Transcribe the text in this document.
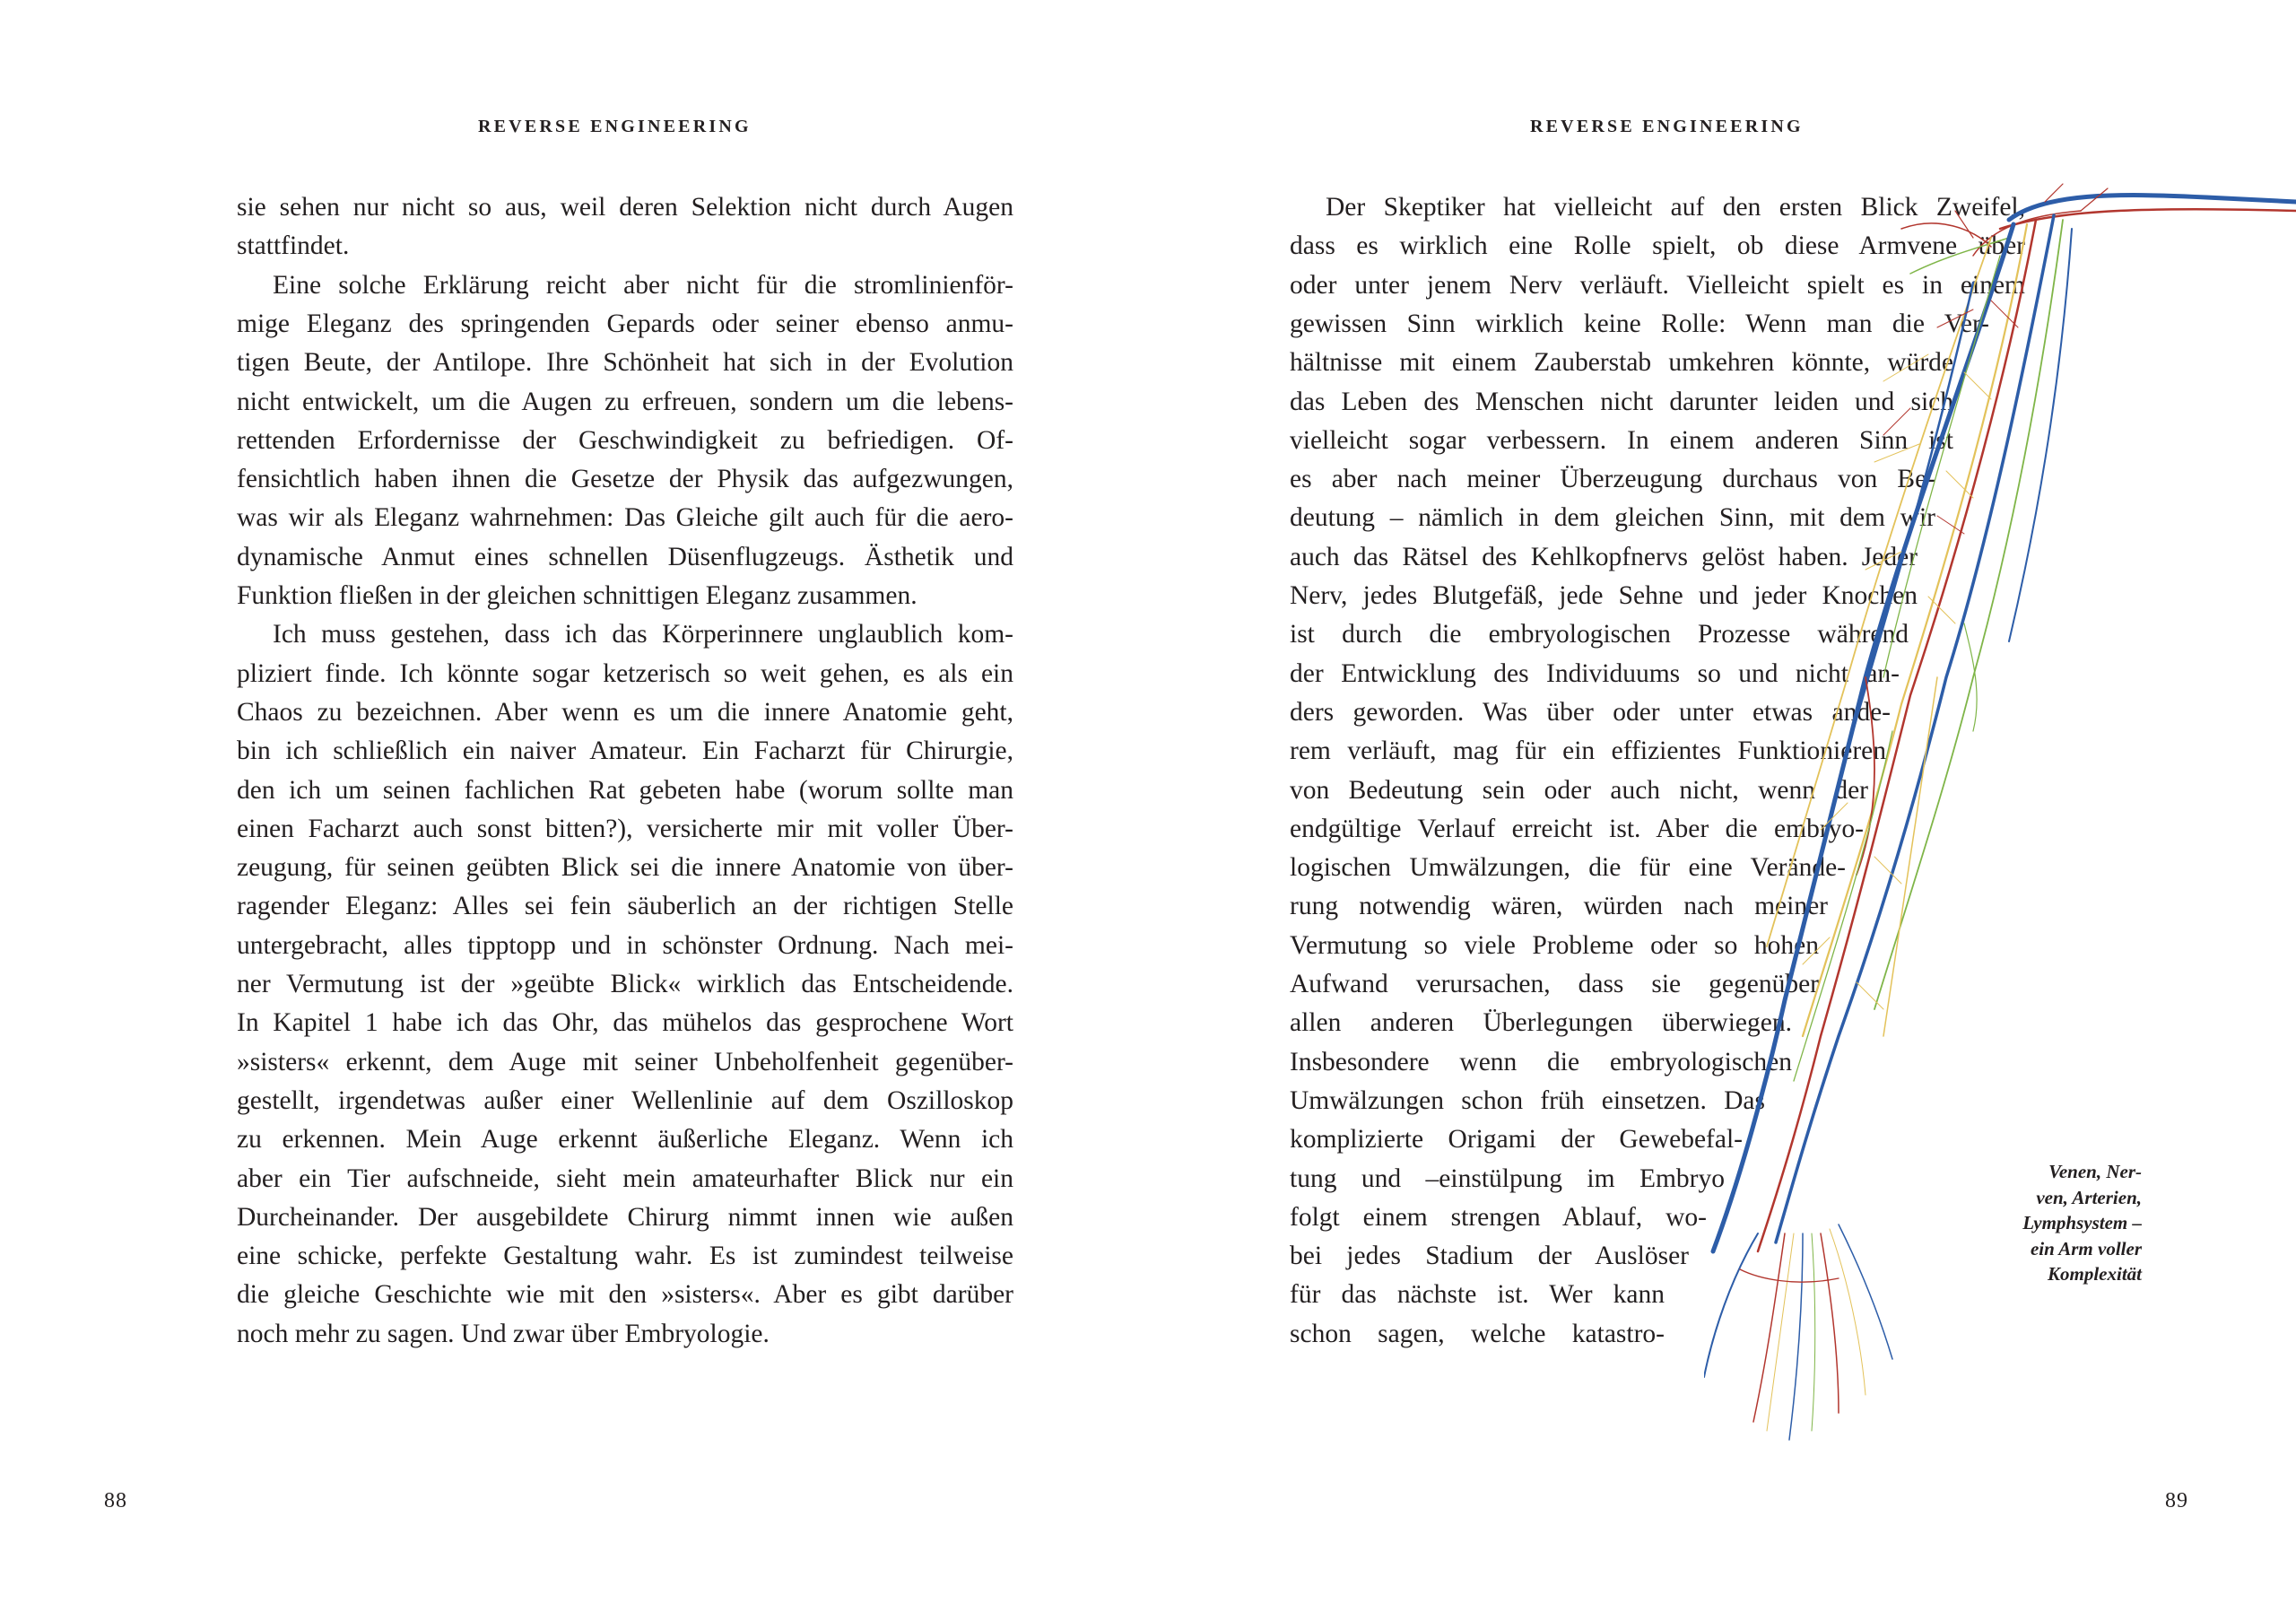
REVERSE ENGINEERING
sie sehen nur nicht so aus, weil deren Selektion nicht durch Augen
stattfindet.
Eine solche Erklärung reicht aber nicht für die stromlinienför-
mige Eleganz des springenden Gepards oder seiner ebenso anmu-
tigen Beute, der Antilope. Ihre Schönheit hat sich in der Evolution
nicht entwickelt, um die Augen zu erfreuen, sondern um die lebens-
rettenden Erfordernisse der Geschwindigkeit zu befriedigen. Of-
fensichtlich haben ihnen die Gesetze der Physik das aufgezwungen,
was wir als Eleganz wahrnehmen: Das Gleiche gilt auch für die aero-
dynamische Anmut eines schnellen Düsenflugzeugs. Ästhetik und
Funktion fließen in der gleichen schnittigen Eleganz zusammen.
Ich muss gestehen, dass ich das Körperinnere unglaublich kom-
pliziert finde. Ich könnte sogar ketzerisch so weit gehen, es als ein
Chaos zu bezeichnen. Aber wenn es um die innere Anatomie geht,
bin ich schließlich ein naiver Amateur. Ein Facharzt für Chirurgie,
den ich um seinen fachlichen Rat gebeten habe (worum sollte man
einen Facharzt auch sonst bitten?), versicherte mir mit voller Über-
zeugung, für seinen geübten Blick sei die innere Anatomie von über-
ragender Eleganz: Alles sei fein säuberlich an der richtigen Stelle
untergebracht, alles tipptopp und in schönster Ordnung. Nach mei-
ner Vermutung ist der »geübte Blick« wirklich das Entscheidende.
In Kapitel 1 habe ich das Ohr, das mühelos das gesprochene Wort
»sisters« erkennt, dem Auge mit seiner Unbeholfenheit gegenüber-
gestellt, irgendetwas außer einer Wellenlinie auf dem Oszilloskop
zu erkennen. Mein Auge erkennt äußerliche Eleganz. Wenn ich
aber ein Tier aufschneide, sieht mein amateurhafter Blick nur ein
Durcheinander. Der ausgebildete Chirurg nimmt innen wie außen
eine schicke, perfekte Gestaltung wahr. Es ist zumindest teilweise
die gleiche Geschichte wie mit den »sisters«. Aber es gibt darüber
noch mehr zu sagen. Und zwar über Embryologie.
88
REVERSE ENGINEERING
Der Skeptiker hat vielleicht auf den ersten Blick Zweifel,
dass es wirklich eine Rolle spielt, ob diese Armvene über
oder unter jenem Nerv verläuft. Vielleicht spielt es in einem
gewissen Sinn wirklich keine Rolle: Wenn man die Ver-
hältnisse mit einem Zauberstab umkehren könnte, würde
das Leben des Menschen nicht darunter leiden und sich
vielleicht sogar verbessern. In einem anderen Sinn ist
es aber nach meiner Überzeugung durchaus von Be-
deutung – nämlich in dem gleichen Sinn, mit dem wir
auch das Rätsel des Kehlkopfnervs gelöst haben. Jeder
Nerv, jedes Blutgefäß, jede Sehne und jeder Knochen
ist durch die embryologischen Prozesse während
der Entwicklung des Individuums so und nicht an-
ders geworden. Was über oder unter etwas ande-
rem verläuft, mag für ein effizientes Funktionieren
von Bedeutung sein oder auch nicht, wenn der
endgültige Verlauf erreicht ist. Aber die embryo-
logischen Umwälzungen, die für eine Verände-
rung notwendig wären, würden nach meiner
Vermutung so viele Probleme oder so hohen
Aufwand verursachen, dass sie gegenüber
allen anderen Überlegungen überwiegen.
Insbesondere wenn die embryologischen
Umwälzungen schon früh einsetzen. Das
komplizierte Origami der Gewebefal-
tung und –einstülpung im Embryo
folgt einem strengen Ablauf, wo-
bei jedes Stadium der Auslöser
für das nächste ist. Wer kann
schon sagen, welche katastro-
89
Venen, Ner-
ven, Arterien,
Lymphsystem –
ein Arm voller
Komplexität
